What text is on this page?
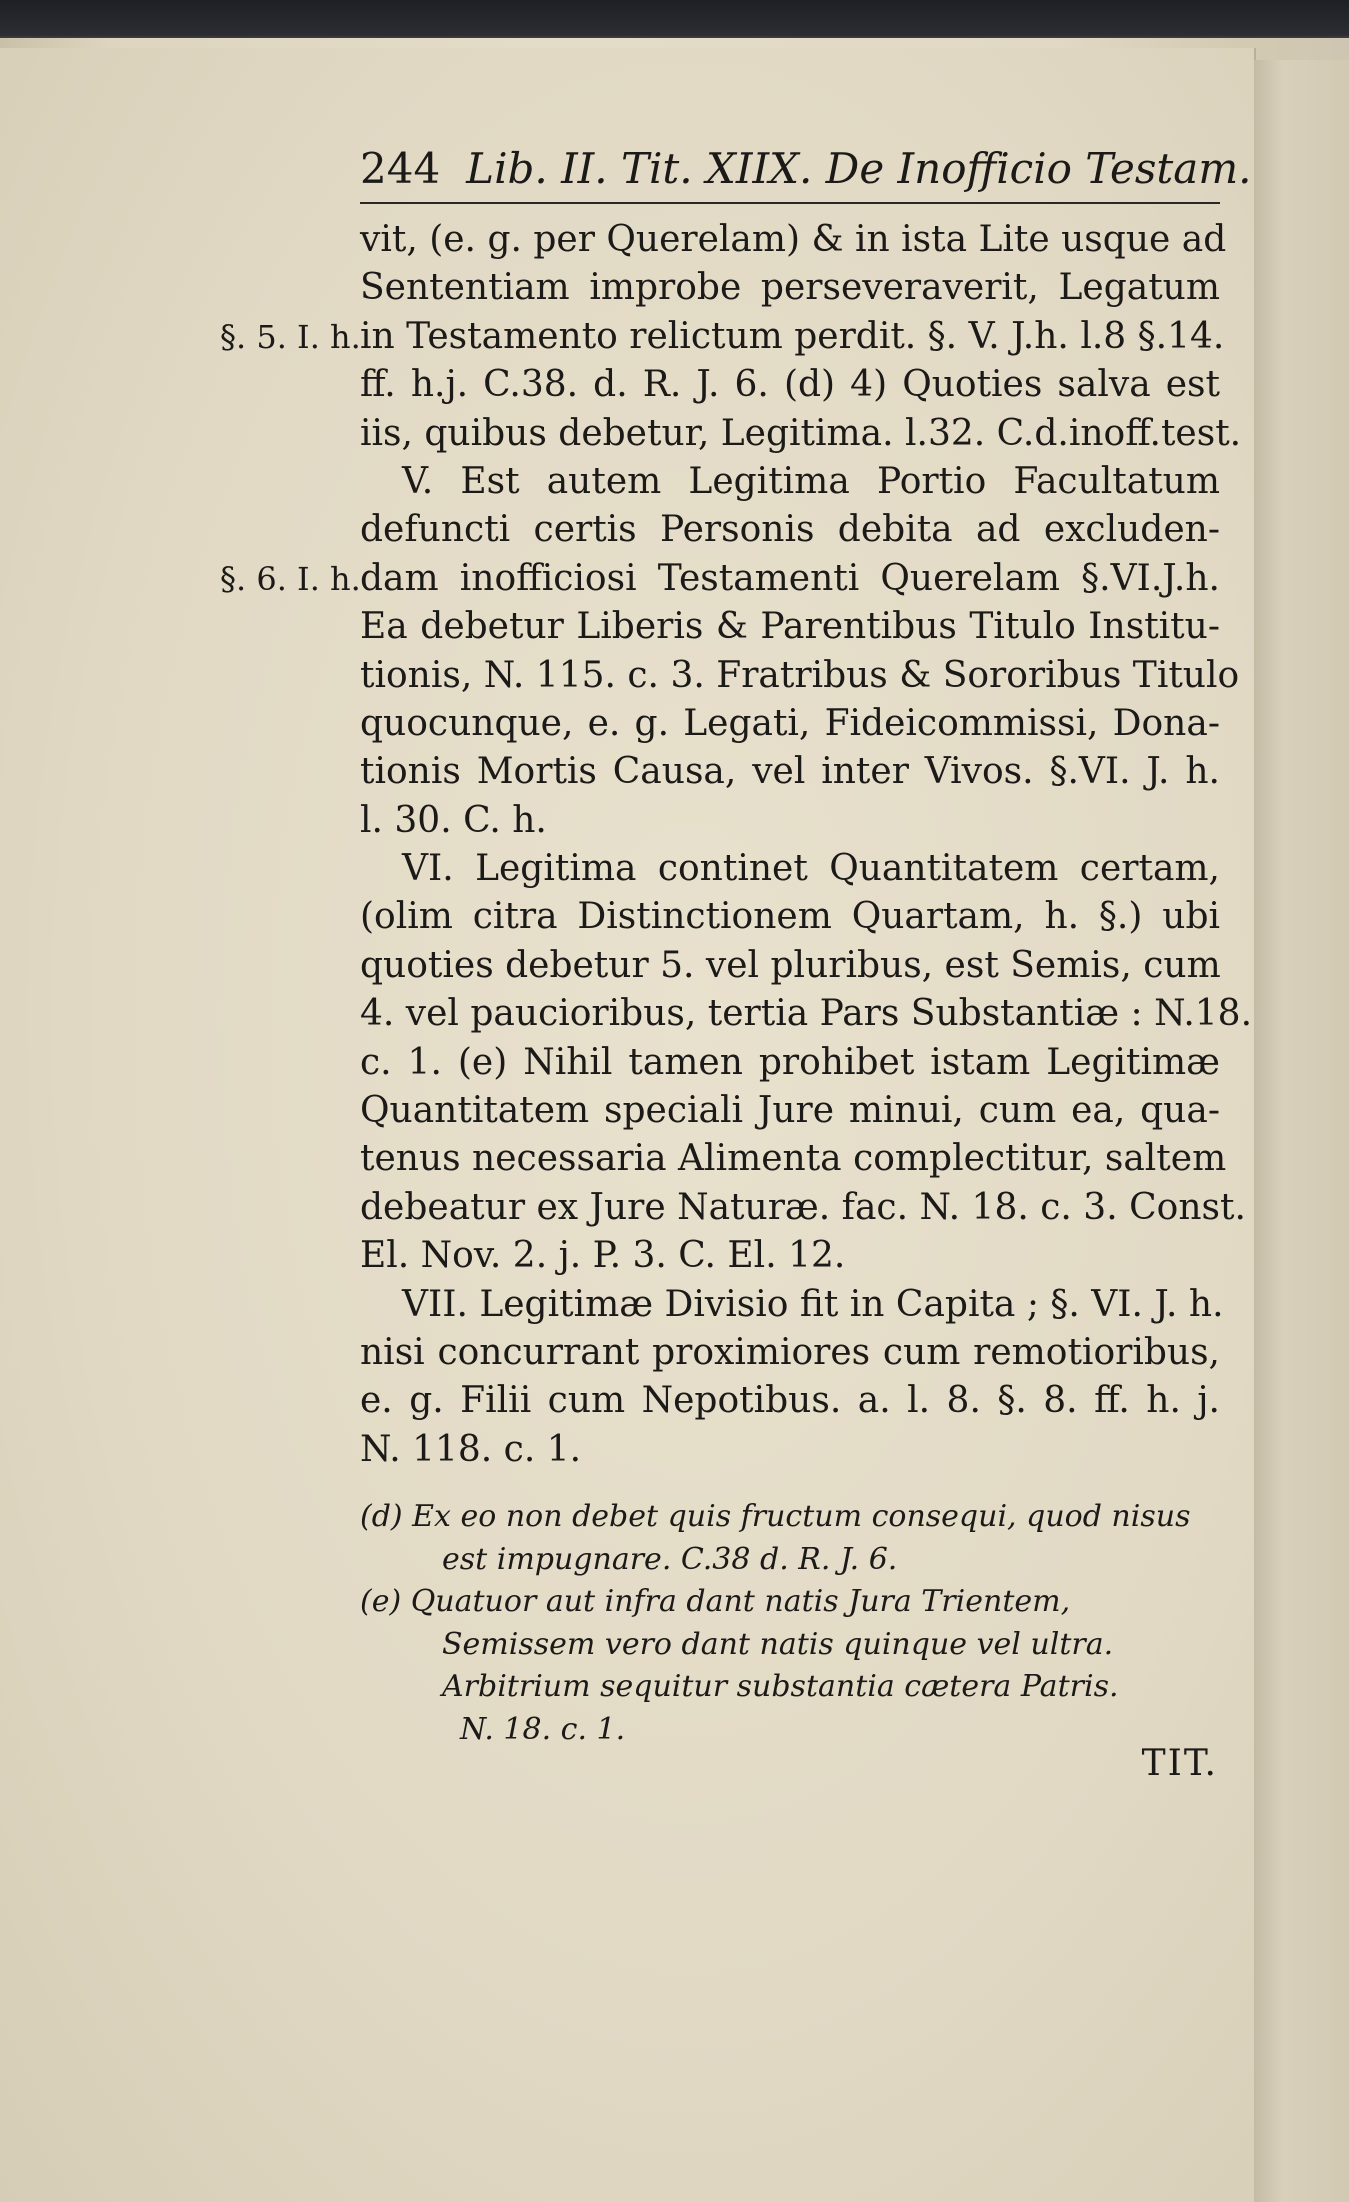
244 Lib. II. Tit. XIIX. De Inofficio Testam.
vit, (e. g. per Querelam) & in ista Lite usque ad
Sententiam improbe perseveraverit, Legatum
§. 5. I. h. in Testamento relictum perdit. §. V. J.h. l.8 §.14.
ff. h.j. C.38. d. R. J. 6. (d) 4) Quoties salva est
iis, quibus debetur, Legitima. l.32. C.d.inoff.test.
V. Est autem Legitima Portio Facultatum
defuncti certis Personis debita ad excluden-
§. 6. I. h. dam inofficiosi Testamenti Querelam §.VI.J.h.
Ea debetur Liberis & Parentibus Titulo Institu-
tionis, N. 115. c. 3. Fratribus & Sororibus Titulo
quocunque, e. g. Legati, Fideicommissi, Dona-
tionis Mortis Causa, vel inter Vivos. §.VI. J. h.
l. 30. C. h.
VI. Legitima continet Quantitatem certam,
(olim citra Distinctionem Quartam, h. §.) ubi
quoties debetur 5. vel pluribus, est Semis, cum
4. vel paucioribus, tertia Pars Substantiæ : N.18.
c. 1. (e) Nihil tamen prohibet istam Legitimæ
Quantitatem speciali Jure minui, cum ea, qua-
tenus necessaria Alimenta complectitur, saltem
debeatur ex Jure Naturæ. fac. N. 18. c. 3. Const.
El. Nov. 2. j. P. 3. C. El. 12.
VII. Legitimæ Divisio fit in Capita ; §. VI. J. h.
nisi concurrant proximiores cum remotioribus,
e. g. Filii cum Nepotibus. a. l. 8. §. 8. ff. h. j.
N. 118. c. 1.
(d) Ex eo non debet quis fructum consequi, quod nisus
est impugnare. C.38 d. R. J. 6.
(e) Quatuor aut infra dant natis Jura Trientem,
Semissem vero dant natis quinque vel ultra.
Arbitrium sequitur substantia cætera Patris.
N. 18. c. 1.
TIT.
